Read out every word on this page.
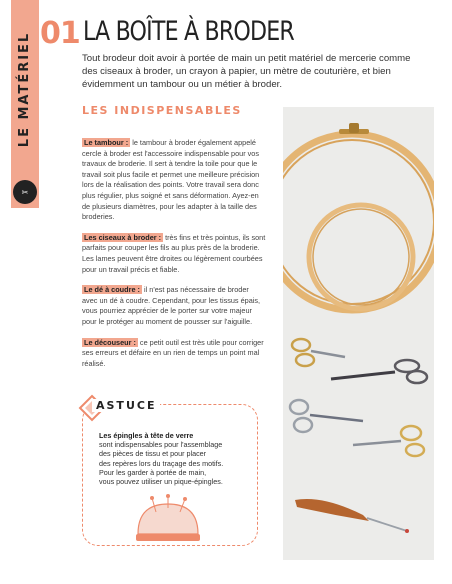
LE MATÉRIEL
✂
01 LA BOÎTE À BRODER

Tout brodeur doit avoir à portée de main un petit matériel de mercerie comme des ciseaux à broder, un crayon à papier, un mètre de couturière, et bien évidemment un tambour ou un métier à broder.

LES INDISPENSABLES

Le tambour : le tambour à broder également appelé cercle à broder est l'accessoire indispensable pour vos travaux de broderie. Il sert à tendre la toile pour que le travail soit plus facile et permet une meilleure précision lors de la réalisation des points. Votre travail sera donc plus régulier, plus soigné et sans déformation. Ayez-en de plusieurs diamètres, pour les adapter à la taille des broderies.

Les ciseaux à broder : très fins et très pointus, ils sont parfaits pour couper les fils au plus près de la broderie. Les lames peuvent être droites ou légèrement courbées pour un travail précis et fiable.

Le dé à coudre : il n'est pas nécessaire de broder avec un dé à coudre. Cependant, pour les tissus épais, vous pourriez apprécier de le porter sur votre majeur pour le protéger au moment de pousser sur l'aiguille.

Le découseur : ce petit outil est très utile pour corriger ses erreurs et défaire en un rien de temps un point mal réalisé.

ASTUCE
Les épingles à tête de verre
sont indispensables pour l'assemblage
des pièces de tissu et pour placer
des repères lors du traçage des motifs.
Pour les garder à portée de main,
vous pouvez utiliser un pique-épingles.
